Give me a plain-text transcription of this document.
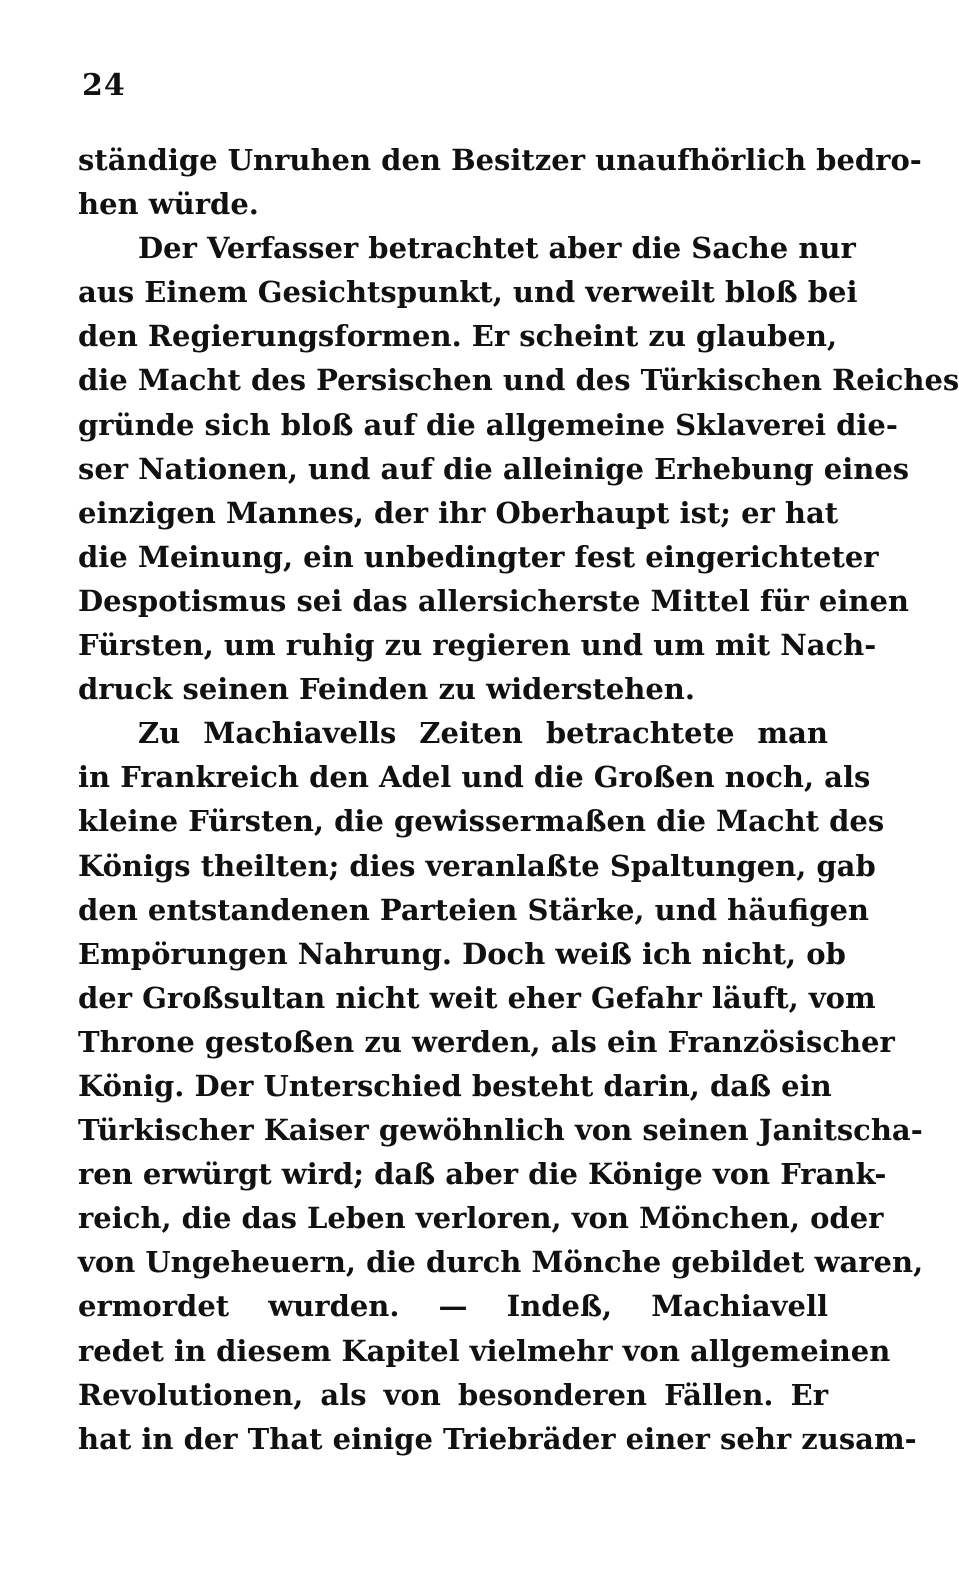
24
ständige Unruhen den Besitzer unaufhörlich bedro-
hen würde.
Der Verfasser betrachtet aber die Sache nur
aus Einem Gesichtspunkt, und verweilt bloß bei
den Regierungsformen. Er scheint zu glauben,
die Macht des Persischen und des Türkischen Reiches
gründe sich bloß auf die allgemeine Sklaverei die-
ser Nationen, und auf die alleinige Erhebung eines
einzigen Mannes, der ihr Oberhaupt ist; er hat
die Meinung, ein unbedingter fest eingerichteter
Despotismus sei das allersicherste Mittel für einen
Fürsten, um ruhig zu regieren und um mit Nach-
druck seinen Feinden zu widerstehen.
Zu Machiavells Zeiten betrachtete man
in Frankreich den Adel und die Großen noch, als
kleine Fürsten, die gewissermaßen die Macht des
Königs theilten; dies veranlaßte Spaltungen, gab
den entstandenen Parteien Stärke, und häufigen
Empörungen Nahrung. Doch weiß ich nicht, ob
der Großsultan nicht weit eher Gefahr läuft, vom
Throne gestoßen zu werden, als ein Französischer
König. Der Unterschied besteht darin, daß ein
Türkischer Kaiser gewöhnlich von seinen Janitscha-
ren erwürgt wird; daß aber die Könige von Frank-
reich, die das Leben verloren, von Mönchen, oder
von Ungeheuern, die durch Mönche gebildet waren,
ermordet wurden. — Indeß, Machiavell
redet in diesem Kapitel vielmehr von allgemeinen
Revolutionen, als von besonderen Fällen. Er
hat in der That einige Triebräder einer sehr zusam-
